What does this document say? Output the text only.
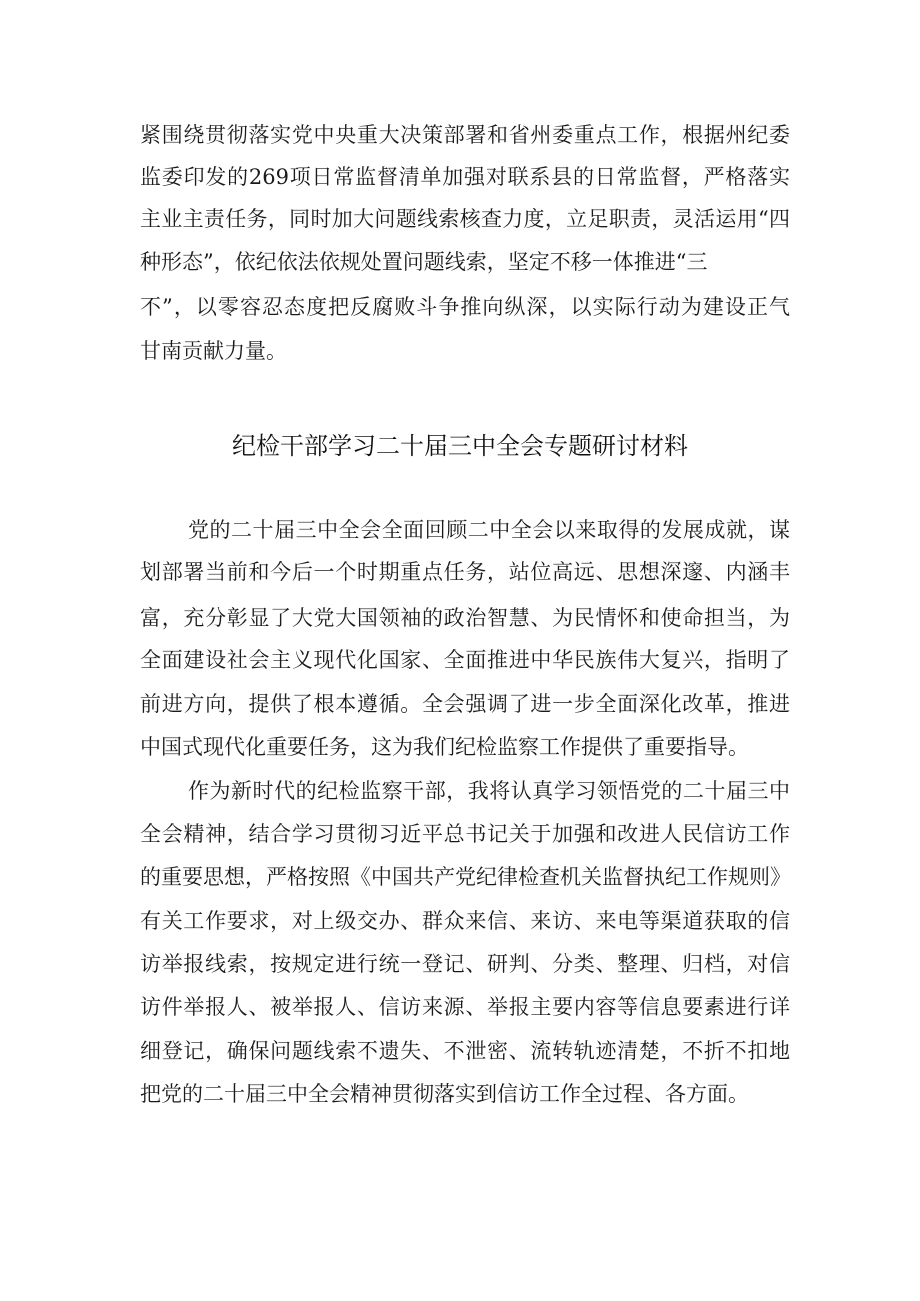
紧围绕贯彻落实党中央重大决策部署和省州委重点工作，根据州纪委
监委印发的269项日常监督清单加强对联系县的日常监督，严格落实
主业主责任务，同时加大问题线索核查力度，立足职责，灵活运用“四
种形态”，依纪依法依规处置问题线索，坚定不移一体推进“三
不”，以零容忍态度把反腐败斗争推向纵深，以实际行动为建设正气
甘南贡献力量。
纪检干部学习二十届三中全会专题研讨材料
党的二十届三中全会全面回顾二中全会以来取得的发展成就，谋
划部署当前和今后一个时期重点任务，站位高远、思想深邃、内涵丰
富，充分彰显了大党大国领袖的政治智慧、为民情怀和使命担当，为
全面建设社会主义现代化国家、全面推进中华民族伟大复兴，指明了
前进方向，提供了根本遵循。全会强调了进一步全面深化改革，推进
中国式现代化重要任务，这为我们纪检监察工作提供了重要指导。
作为新时代的纪检监察干部，我将认真学习领悟党的二十届三中
全会精神，结合学习贯彻习近平总书记关于加强和改进人民信访工作
的重要思想，严格按照《中国共产党纪律检查机关监督执纪工作规则》
有关工作要求，对上级交办、群众来信、来访、来电等渠道获取的信
访举报线索，按规定进行统一登记、研判、分类、整理、归档，对信
访件举报人、被举报人、信访来源、举报主要内容等信息要素进行详
细登记，确保问题线索不遗失、不泄密、流转轨迹清楚，不折不扣地
把党的二十届三中全会精神贯彻落实到信访工作全过程、各方面。
